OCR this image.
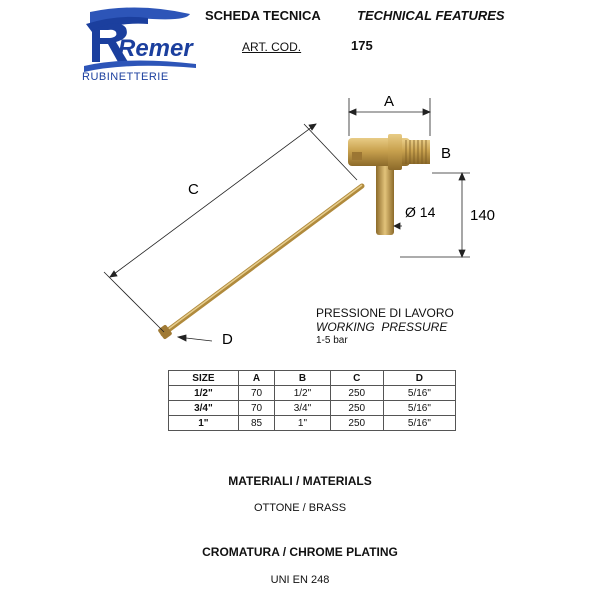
Remer
RUBINETTERIE
SCHEDA TECNICA	TECHNICAL FEATURES
ART. COD.	175
A
B
140
Ø 14
C
D
PRESSIONE DI LAVORO
WORKING  PRESSURE
1-5 bar
SIZE	A	B	C	D
1/2"	70	1/2"	250	5/16"
3/4"	70	3/4"	250	5/16"
1"	85	1"	250	5/16"
MATERIALI / MATERIALS
OTTONE / BRASS
CROMATURA / CHROME PLATING
UNI EN 248
